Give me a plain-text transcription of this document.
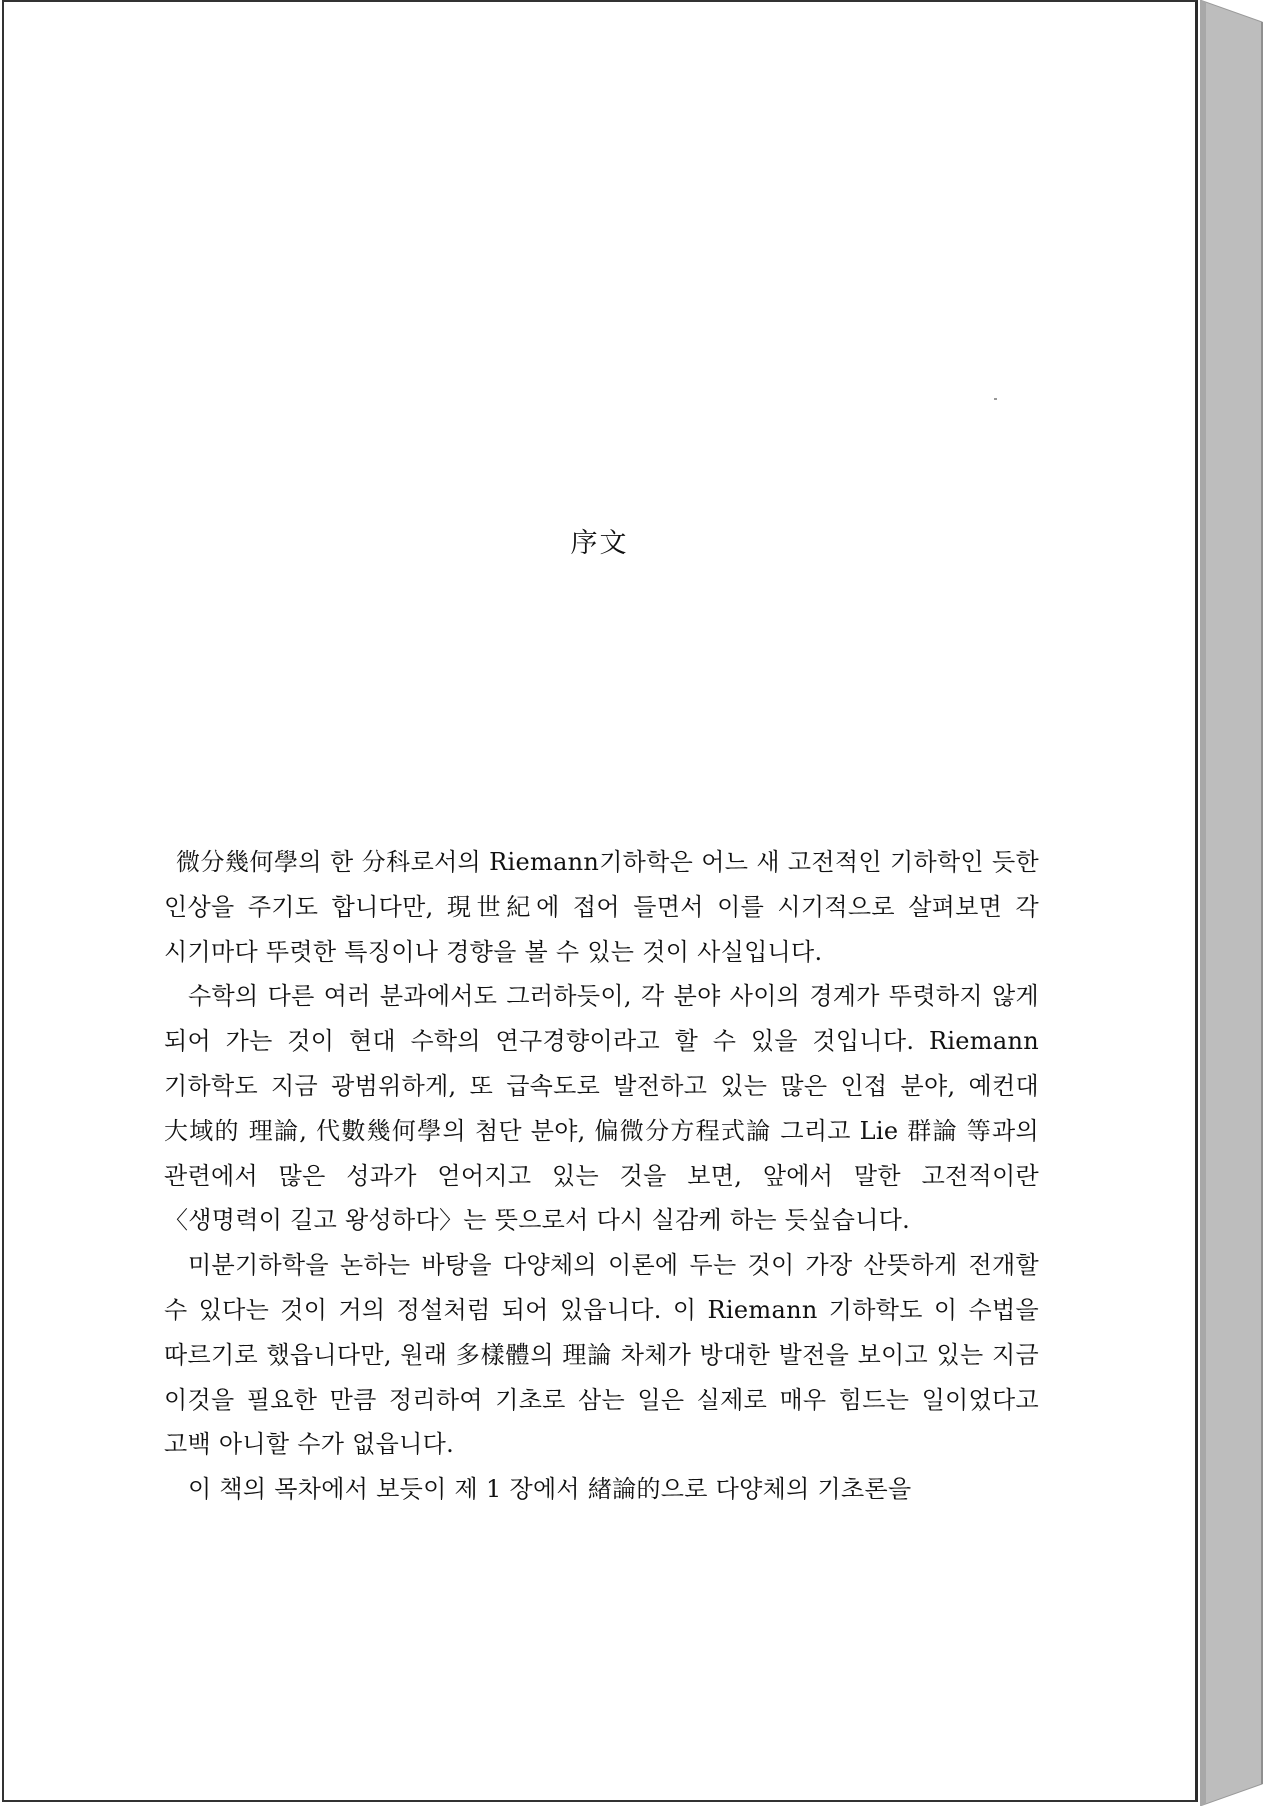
序文

微分幾何學의 한 分科로서의 Riemann기하학은 어느 새 고전적인 기하학인 듯한 인상을 주기도 합니다만, 現世紀에 접어 들면서 이를 시기적으로 살펴보면 각 시기마다 뚜렷한 특징이나 경향을 볼 수 있는 것이 사실입니다.

수학의 다른 여러 분과에서도 그러하듯이, 각 분야 사이의 경계가 뚜렷하지 않게 되어 가는 것이 현대 수학의 연구경향이라고 할 수 있을 것입니다. Riemann 기하학도 지금 광범위하게, 또 급속도로 발전하고 있는 많은 인접 분야, 예컨대 大域的 理論, 代數幾何學의 첨단 분야, 偏微分方程式論 그리고 Lie 群論 等과의 관련에서 많은 성과가 얻어지고 있는 것을 보면, 앞에서 말한 고전적이란 〈생명력이 길고 왕성하다〉는 뜻으로서 다시 실감케 하는 듯싶습니다.

미분기하학을 논하는 바탕을 다양체의 이론에 두는 것이 가장 산뜻하게 전개할 수 있다는 것이 거의 정설처럼 되어 있읍니다. 이 Riemann 기하학도 이 수법을 따르기로 했읍니다만, 원래 多樣體의 理論 차체가 방대한 발전을 보이고 있는 지금 이것을 필요한 만큼 정리하여 기초로 삼는 일은 실제로 매우 힘드는 일이었다고 고백 아니할 수가 없읍니다.

이 책의 목차에서 보듯이 제 1 장에서 緖論的으로 다양체의 기초론을
